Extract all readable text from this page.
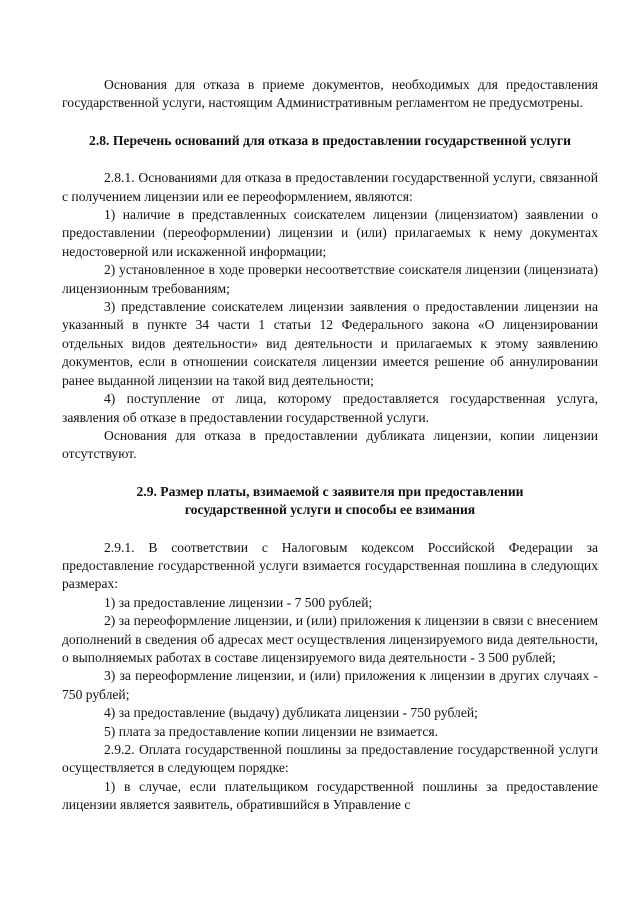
Основания для отказа в приеме документов, необходимых для предоставления государственной услуги, настоящим Административным регламентом не предусмотрены.

2.8. Перечень оснований для отказа в предоставлении государственной услуги

2.8.1. Основаниями для отказа в предоставлении государственной услуги, связанной с получением лицензии или ее переоформлением, являются:

1) наличие в представленных соискателем лицензии (лицензиатом) заявлении о предоставлении (переоформлении) лицензии и (или) прилагаемых к нему документах недостоверной или искаженной информации;

2) установленное в ходе проверки несоответствие соискателя лицензии (лицензиата) лицензионным требованиям;

3) представление соискателем лицензии заявления о предоставлении лицензии на указанный в пункте 34 части 1 статьи 12 Федерального закона «О лицензировании отдельных видов деятельности» вид деятельности и прилагаемых к этому заявлению документов, если в отношении соискателя лицензии имеется решение об аннулировании ранее выданной лицензии на такой вид деятельности;

4) поступление от лица, которому предоставляется государственная услуга, заявления об отказе в предоставлении государственной услуги.

Основания для отказа в предоставлении дубликата лицензии, копии лицензии отсутствуют.

2.9. Размер платы, взимаемой с заявителя при предоставлении государственной услуги и способы ее взимания

2.9.1. В соответствии с Налоговым кодексом Российской Федерации за предоставление государственной услуги взимается государственная пошлина в следующих размерах:

1) за предоставление лицензии - 7 500 рублей;

2) за переоформление лицензии, и (или) приложения к лицензии в связи с внесением дополнений в сведения об адресах мест осуществления лицензируемого вида деятельности, о выполняемых работах в составе лицензируемого вида деятельности - 3 500 рублей;

3) за переоформление лицензии, и (или) приложения к лицензии в других случаях - 750 рублей;

4) за предоставление (выдачу) дубликата лицензии - 750 рублей;

5) плата за предоставление копии лицензии не взимается.

2.9.2. Оплата государственной пошлины за предоставление государственной услуги осуществляется в следующем порядке:

1) в случае, если плательщиком государственной пошлины за предоставление лицензии является заявитель, обратившийся в Управление с
